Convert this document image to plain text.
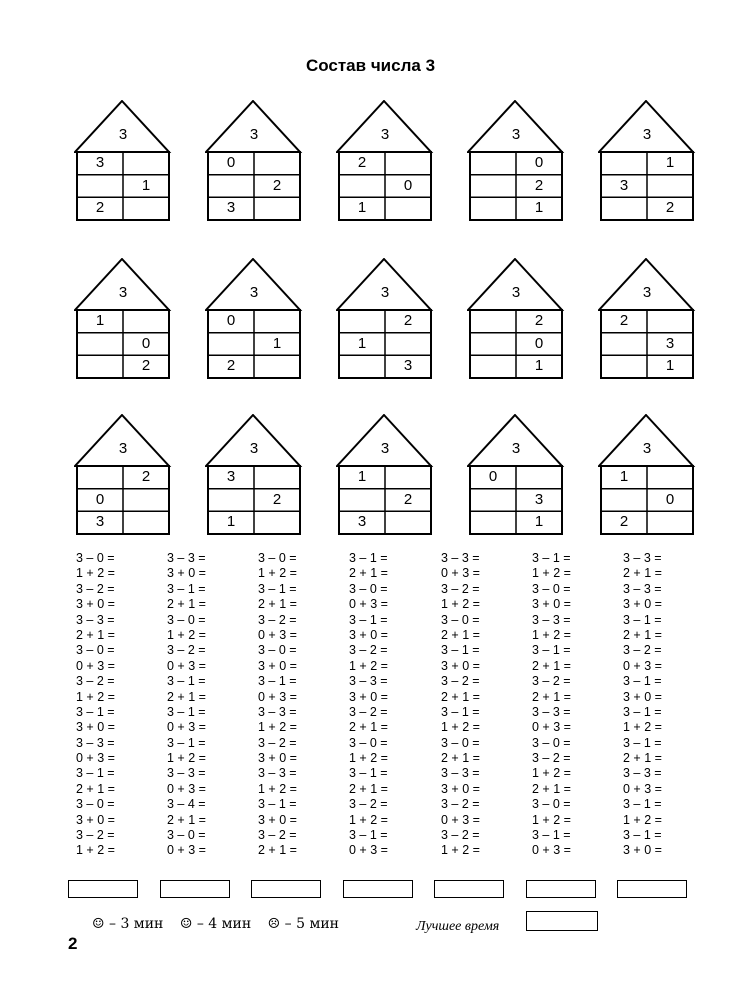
Состав числа 3
3
3
1
2
3
0
2
3
3
2
0
1
3
0
2
1
3
1
3
2
3
1
0
2
3
0
1
2
3
2
1
3
3
2
0
1
3
2
3
1
3
2
0
3
3
3
2
1
3
1
2
3
3
0
3
1
3
1
0
2
3 – 0 =
1 + 2 =
3 – 2 =
3 + 0 =
3 – 3 =
2 + 1 =
3 – 0 =
0 + 3 =
3 – 2 =
1 + 2 =
3 – 1 =
3 + 0 =
3 – 3 =
0 + 3 =
3 – 1 =
2 + 1 =
3 – 0 =
3 + 0 =
3 – 2 =
1 + 2 =
3 – 3 =
3 + 0 =
3 – 1 =
2 + 1 =
3 – 0 =
1 + 2 =
3 – 2 =
0 + 3 =
3 – 1 =
2 + 1 =
3 – 1 =
0 + 3 =
3 – 1 =
1 + 2 =
3 – 3 =
0 + 3 =
3 – 4 =
2 + 1 =
3 – 0 =
0 + 3 =
3 – 0 =
1 + 2 =
3 – 1 =
2 + 1 =
3 – 2 =
0 + 3 =
3 – 0 =
3 + 0 =
3 – 1 =
0 + 3 =
3 – 3 =
1 + 2 =
3 – 2 =
3 + 0 =
3 – 3 =
1 + 2 =
3 – 1 =
3 + 0 =
3 – 2 =
2 + 1 =
3 – 1 =
2 + 1 =
3 – 0 =
0 + 3 =
3 – 1 =
3 + 0 =
3 – 2 =
1 + 2 =
3 – 3 =
3 + 0 =
3 – 2 =
2 + 1 =
3 – 0 =
1 + 2 =
3 – 1 =
2 + 1 =
3 – 2 =
1 + 2 =
3 – 1 =
0 + 3 =
3 – 3 =
0 + 3 =
3 – 2 =
1 + 2 =
3 – 0 =
2 + 1 =
3 – 1 =
3 + 0 =
3 – 2 =
2 + 1 =
3 – 1 =
1 + 2 =
3 – 0 =
2 + 1 =
3 – 3 =
3 + 0 =
3 – 2 =
0 + 3 =
3 – 2 =
1 + 2 =
3 – 1 =
1 + 2 =
3 – 0 =
3 + 0 =
3 – 3 =
1 + 2 =
3 – 1 =
2 + 1 =
3 – 2 =
2 + 1 =
3 – 3 =
0 + 3 =
3 – 0 =
3 – 2 =
1 + 2 =
2 + 1 =
3 – 0 =
1 + 2 =
3 – 1 =
0 + 3 =
3 – 3 =
2 + 1 =
3 – 3 =
3 + 0 =
3 – 1 =
2 + 1 =
3 – 2 =
0 + 3 =
3 – 1 =
3 + 0 =
3 – 1 =
1 + 2 =
3 – 1 =
2 + 1 =
3 – 3 =
0 + 3 =
3 – 1 =
1 + 2 =
3 – 1 =
3 + 0 =
☺ – 3 мин ☺ – 4 мин ☹ – 5 мин	Лучшее время
2
